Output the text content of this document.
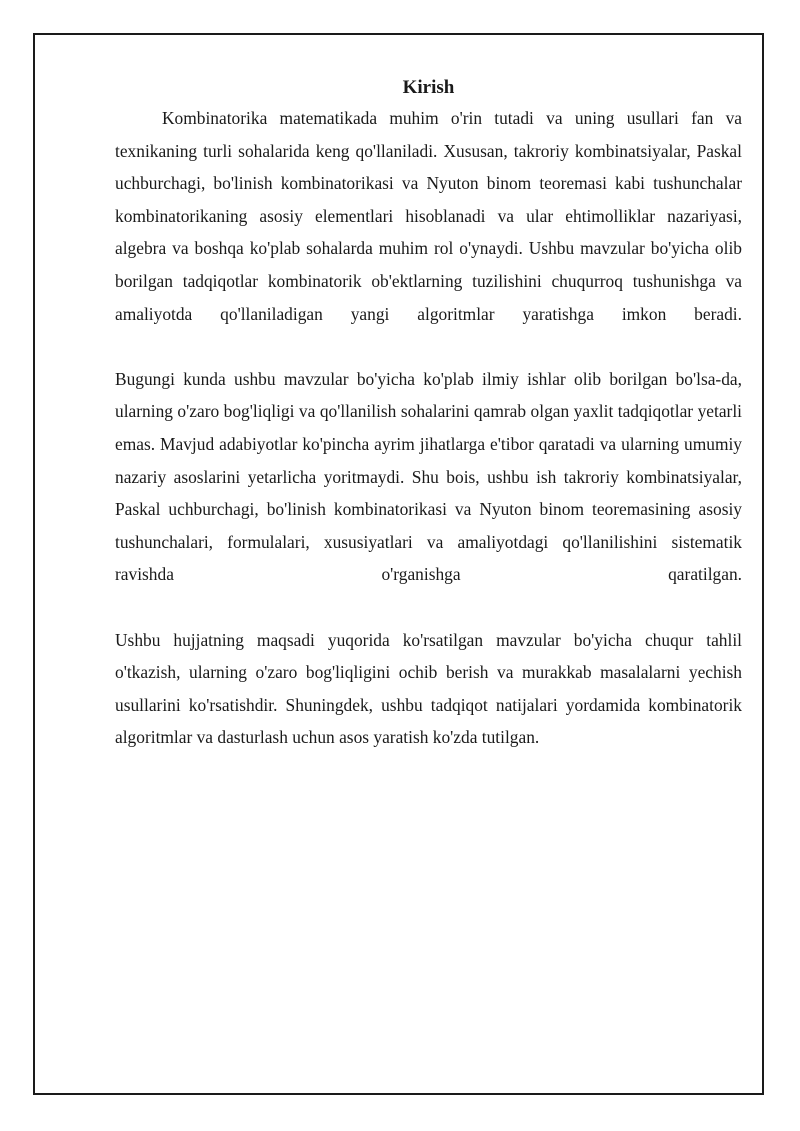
Kirish

Kombinatorika matematikada muhim o'rin tutadi va uning usullari fan va texnikaning turli sohalarida keng qo'llaniladi. Xususan, takroriy kombinatsiyalar, Paskal uchburchagi, bo'linish kombinatorikasi va Nyuton binom teoremasi kabi tushunchalar kombinatorikaning asosiy elementlari hisoblanadi va ular ehtimolliklar nazariyasi, algebra va boshqa ko'plab sohalarda muhim rol o'ynaydi. Ushbu mavzular bo'yicha olib borilgan tadqiqotlar kombinatorik ob'ektlarning tuzilishini chuqurroq tushunishga va amaliyotda qo'llaniladigan yangi algoritmlar yaratishga imkon beradi.

Bugungi kunda ushbu mavzular bo'yicha ko'plab ilmiy ishlar olib borilgan bo'lsa-da, ularning o'zaro bog'liqligi va qo'llanilish sohalarini qamrab olgan yaxlit tadqiqotlar yetarli emas. Mavjud adabiyotlar ko'pincha ayrim jihatlarga e'tibor qaratadi va ularning umumiy nazariy asoslarini yetarlicha yoritmaydi. Shu bois, ushbu ish takroriy kombinatsiyalar, Paskal uchburchagi, bo'linish kombinatorikasi va Nyuton binom teoremasining asosiy tushunchalari, formulalari, xususiyatlari va amaliyotdagi qo'llanilishini sistematik ravishda o'rganishga qaratilgan.

Ushbu hujjatning maqsadi yuqorida ko'rsatilgan mavzular bo'yicha chuqur tahlil o'tkazish, ularning o'zaro bog'liqligini ochib berish va murakkab masalalarni yechish usullarini ko'rsatishdir. Shuningdek, ushbu tadqiqot natijalari yordamida kombinatorik algoritmlar va dasturlash uchun asos yaratish ko'zda tutilgan.
